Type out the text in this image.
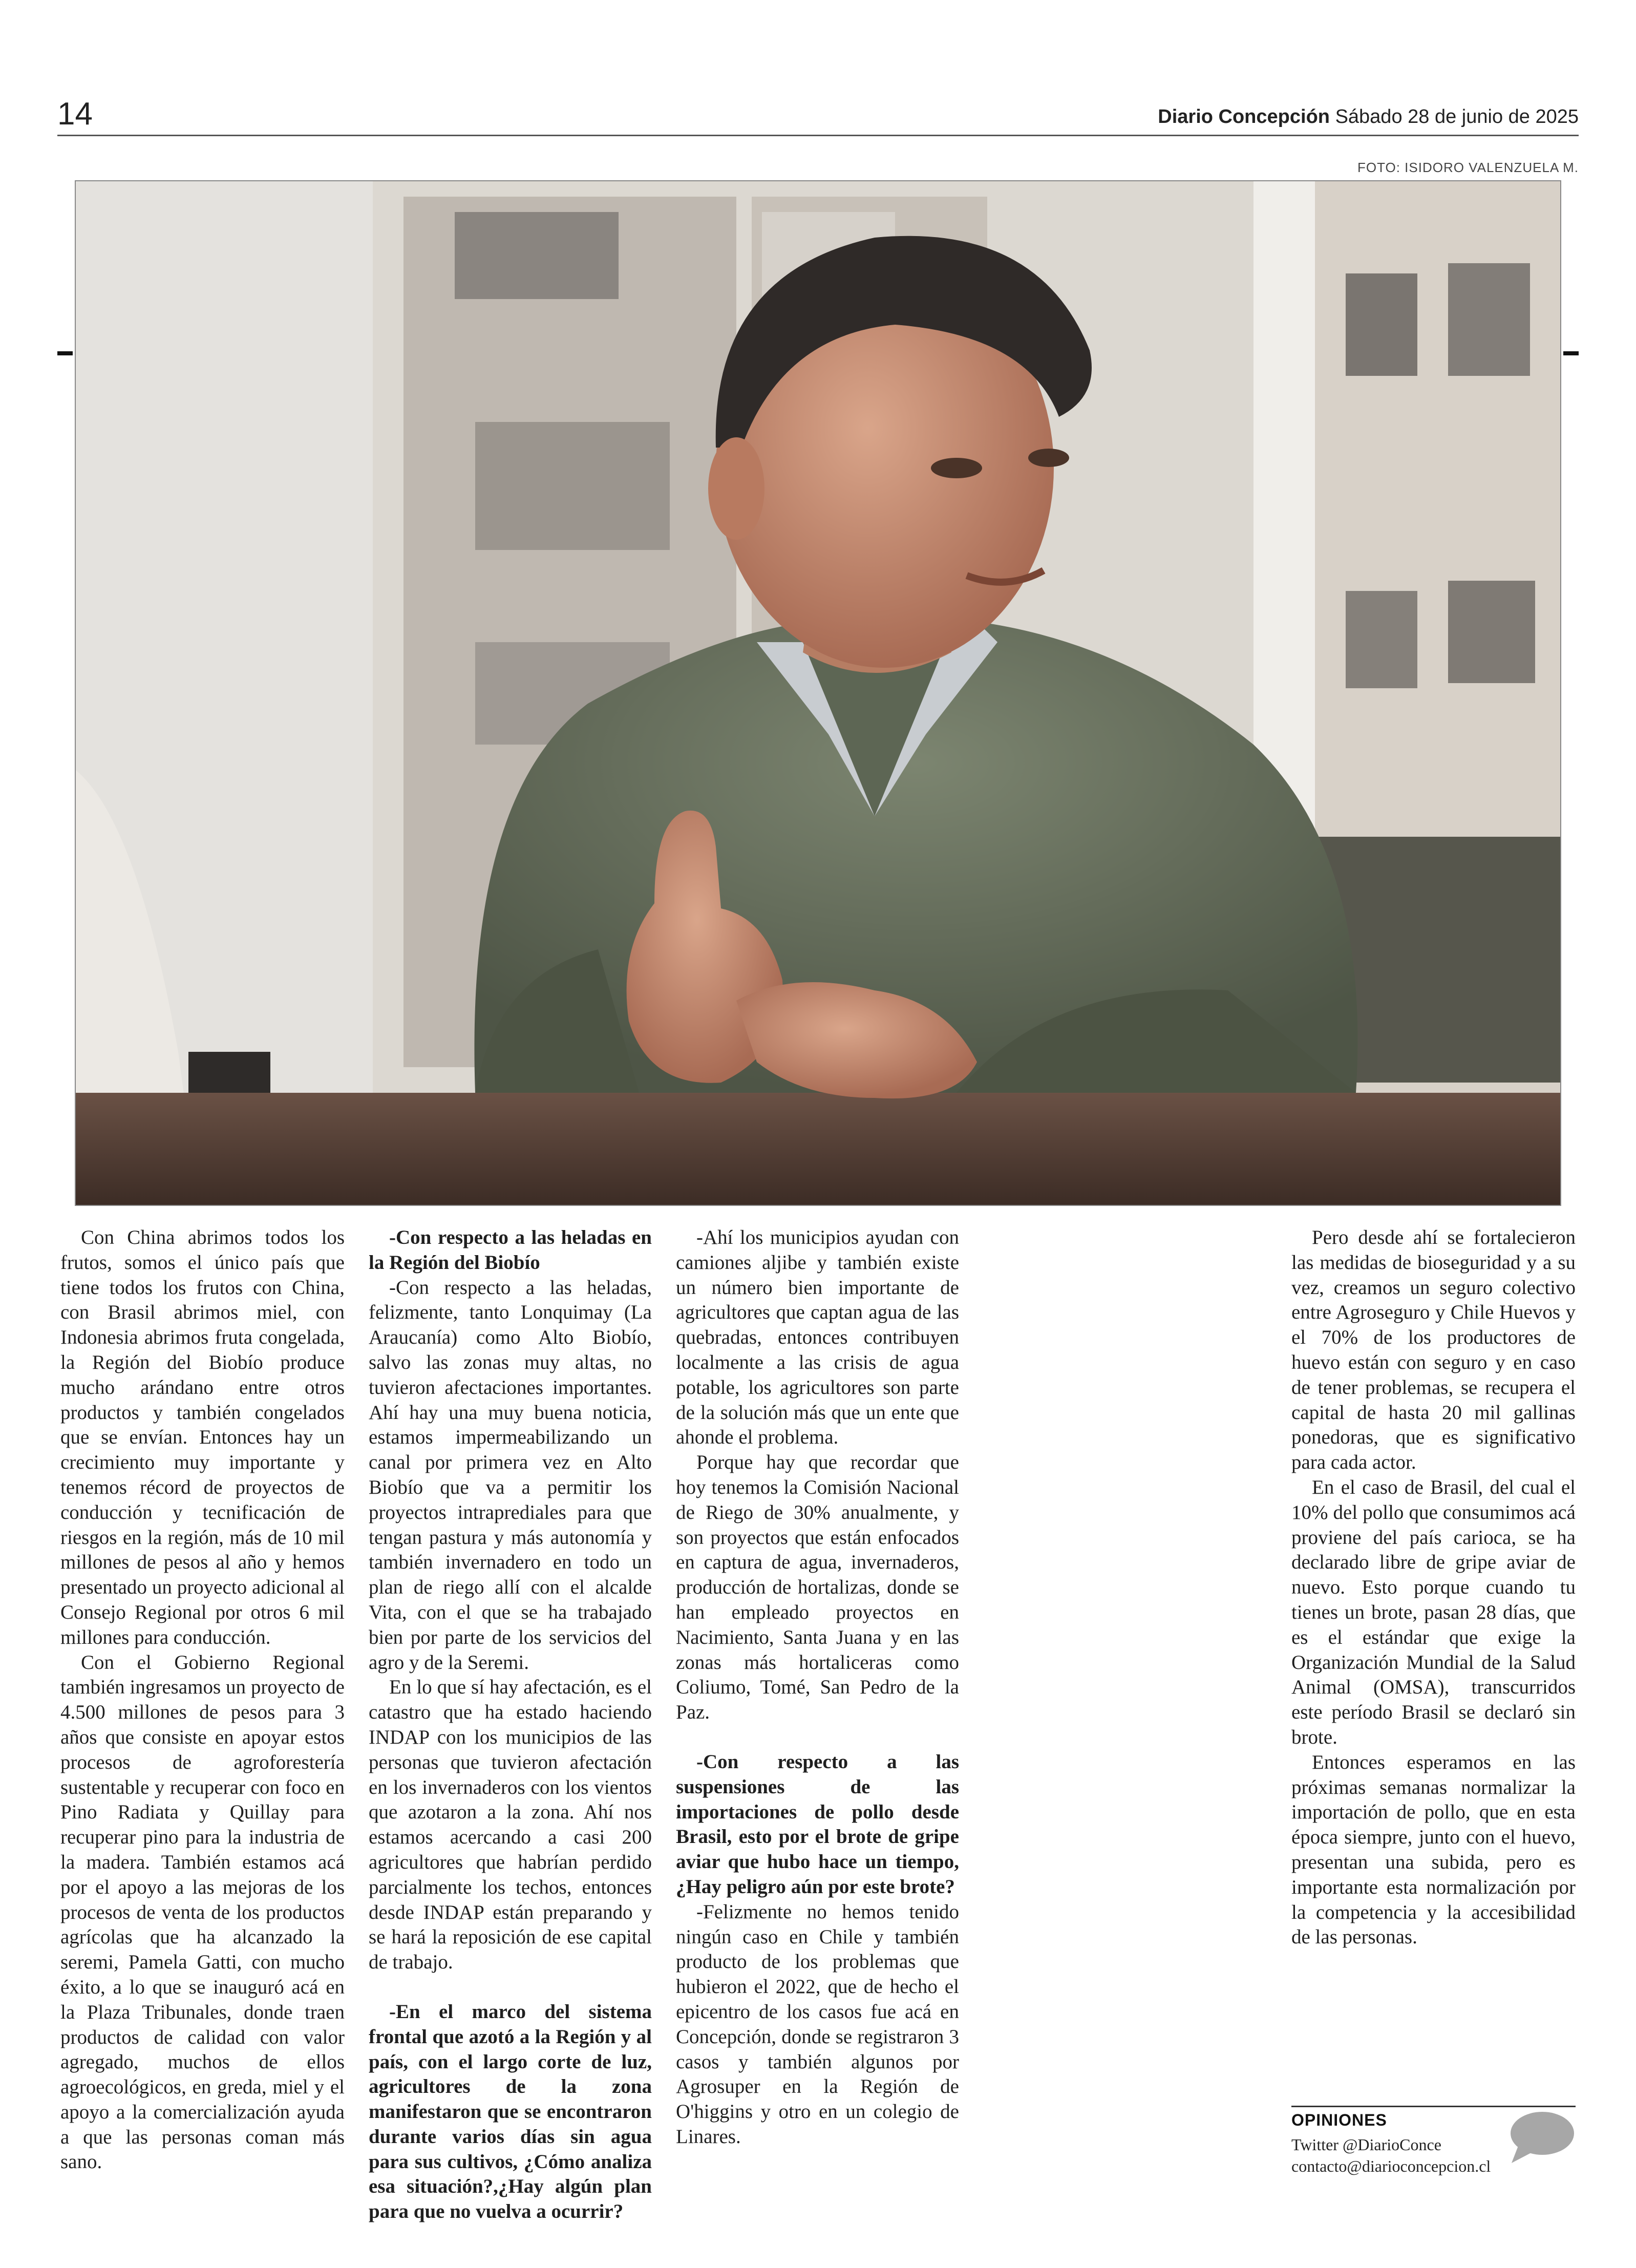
14	Diario Concepción Sábado 28 de junio de 2025
FOTO: ISIDORO VALENZUELA M.

Con China abrimos todos los frutos, somos el único país que tiene todos los frutos con China, con Brasil abrimos miel, con Indonesia abrimos fruta congelada, la Región del Biobío produce mucho arándano entre otros productos y también congelados que se envían. Entonces hay un crecimiento muy importante y tenemos récord de proyectos de conducción y tecnificación de riesgos en la región, más de 10 mil millones de pesos al año y hemos presentado un proyecto adicional al Consejo Regional por otros 6 mil millones para conducción.

Con el Gobierno Regional también ingresamos un proyecto de 4.500 millones de pesos para 3 años que consiste en apoyar estos procesos de agroforestería sustentable y recuperar con foco en Pino Radiata y Quillay para recuperar pino para la industria de la madera. También estamos acá por el apoyo a las mejoras de los procesos de venta de los productos agrícolas que ha alcanzado la seremi, Pamela Gatti, con mucho éxito, a lo que se inauguró acá en la Plaza Tribunales, donde traen productos de calidad con valor agregado, muchos de ellos agroecológicos, en greda, miel y el apoyo a la comercialización ayuda a que las personas coman más sano.

-Con respecto a las heladas en la Región del Biobío

-Con respecto a las heladas, felizmente, tanto Lonquimay (La Araucanía) como Alto Biobío, salvo las zonas muy altas, no tuvieron afectaciones importantes. Ahí hay una muy buena noticia, estamos impermeabilizando un canal por primera vez en Alto Biobío que va a permitir los proyectos intraprediales para que tengan pastura y más autonomía y también invernadero en todo un plan de riego allí con el alcalde Vita, con el que se ha trabajado bien por parte de los servicios del agro y de la Seremi.

En lo que sí hay afectación, es el catastro que ha estado haciendo INDAP con los municipios de las personas que tuvieron afectación en los invernaderos con los vientos que azotaron a la zona. Ahí nos estamos acercando a casi 200 agricultores que habrían perdido parcialmente los techos, entonces desde INDAP están preparando y se hará la reposición de ese capital de trabajo.

-En el marco del sistema frontal que azotó a la Región y al país, con el largo corte de luz, agricultores de la zona manifestaron que se encontraron durante varios días sin agua para sus cultivos, ¿Cómo analiza esa situación?,¿Hay algún plan para que no vuelva a ocurrir?

-Ahí los municipios ayudan con camiones aljibe y también existe un número bien importante de agricultores que captan agua de las quebradas, entonces contribuyen localmente a las crisis de agua potable, los agricultores son parte de la solución más que un ente que ahonde el problema.

Porque hay que recordar que hoy tenemos la Comisión Nacional de Riego de 30% anualmente, y son proyectos que están enfocados en captura de agua, invernaderos, producción de hortalizas, donde se han empleado proyectos en Nacimiento, Santa Juana y en las zonas más hortaliceras como Coliumo, Tomé, San Pedro de la Paz.

-Con respecto a las suspensiones de las importaciones de pollo desde Brasil, esto por el brote de gripe aviar que hubo hace un tiempo, ¿Hay peligro aún por este brote?

-Felizmente no hemos tenido ningún caso en Chile y también producto de los problemas que hubieron el 2022, que de hecho el epicentro de los casos fue acá en Concepción, donde se registraron 3 casos y también algunos por Agrosuper en la Región de O'higgins y otro en un colegio de Linares.

Pero desde ahí se fortalecieron las medidas de bioseguridad y a su vez, creamos un seguro colectivo entre Agroseguro y Chile Huevos y el 70% de los productores de huevo están con seguro y en caso de tener problemas, se recupera el capital de hasta 20 mil gallinas ponedoras, que es significativo para cada actor.

En el caso de Brasil, del cual el 10% del pollo que consumimos acá proviene del país carioca, se ha declarado libre de gripe aviar de nuevo. Esto porque cuando tu tienes un brote, pasan 28 días, que es el estándar que exige la Organización Mundial de la Salud Animal (OMSA), transcurridos este período Brasil se declaró sin brote.

Entonces esperamos en las próximas semanas normalizar la importación de pollo, que en esta época siempre, junto con el huevo, presentan una subida, pero es importante esta normalización por la competencia y la accesibilidad de las personas.

OPINIONES
Twitter @DiarioConce
contacto@diarioconcepcion.cl
